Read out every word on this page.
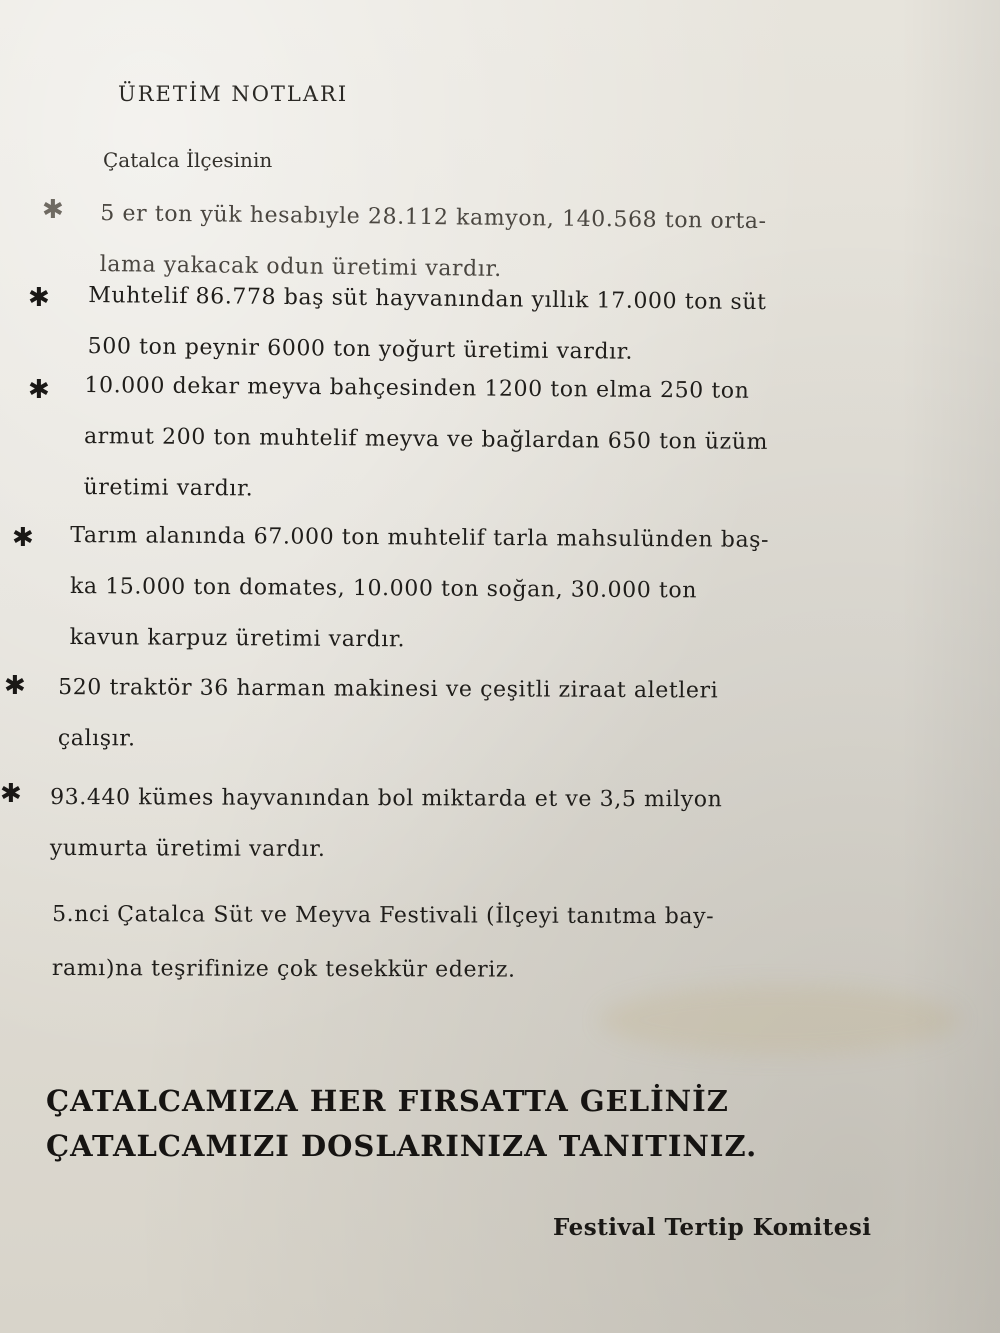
ÜRETİM NOTLARI
Çatalca İlçesinin
✱ 5 er ton yük hesabıyle 28.112 kamyon, 140.568 ton orta-
lama yakacak odun üretimi vardır.
✱ Muhtelif 86.778 baş süt hayvanından yıllık 17.000 ton süt
500 ton peynir 6000 ton yoğurt üretimi vardır.
✱ 10.000 dekar meyva bahçesinden 1200 ton elma 250 ton
armut 200 ton muhtelif meyva ve bağlardan 650 ton üzüm
üretimi vardır.
✱ Tarım alanında 67.000 ton muhtelif tarla mahsulünden baş-
ka 15.000 ton domates, 10.000 ton soğan, 30.000 ton
kavun karpuz üretimi vardır.
✱ 520 traktör 36 harman makinesi ve çeşitli ziraat aletleri
çalışır.
✱ 93.440 kümes hayvanından bol miktarda et ve 3,5 milyon
yumurta üretimi vardır.
5.nci Çatalca Süt ve Meyva Festivali (İlçeyi tanıtma bay-
ramı)na teşrifinize çok tesekkür ederiz.
ÇATALCAMIZA HER FIRSATTA GELİNİZ
ÇATALCAMIZI DOSLARINIZA TANITINIZ.
Festival Tertip Komitesi
